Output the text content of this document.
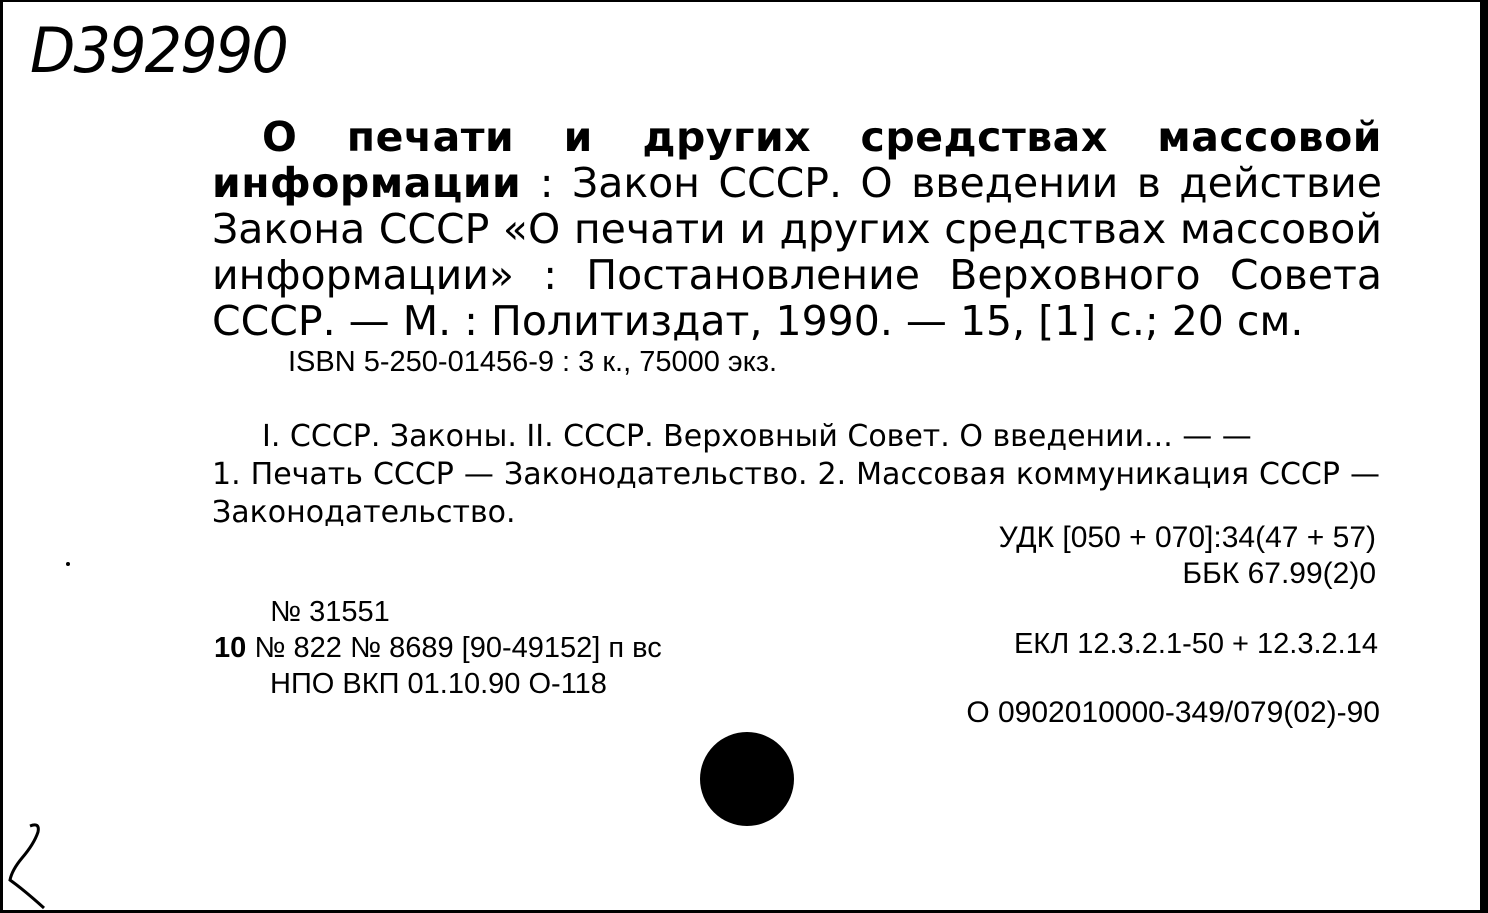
D392990
О печати и других средствах массовой информации : Закон СССР. О введении в действие Закона СССР «О печати и других средствах массовой информации» : Постановление Верховного Совета СССР. — М. : Политиздат, 1990. — 15, [1] с.; 20 см.
ISBN 5-250-01456-9 : 3 к., 75000 экз.
I. СССР. Законы. II. СССР. Верховный Совет. О введении... — —
1. Печать СССР — Законодательство. 2. Массовая коммуникация СССР — Законодательство.
УДК [050 + 070]:34(47 + 57)
ББК 67.99(2)0
№ 31551
10 № 822 № 8689 [90-49152] п вс
НПО ВКП 01.10.90 О-118
ЕКЛ 12.3.2.1-50 + 12.3.2.14
О 0902010000-349/079(02)-90
